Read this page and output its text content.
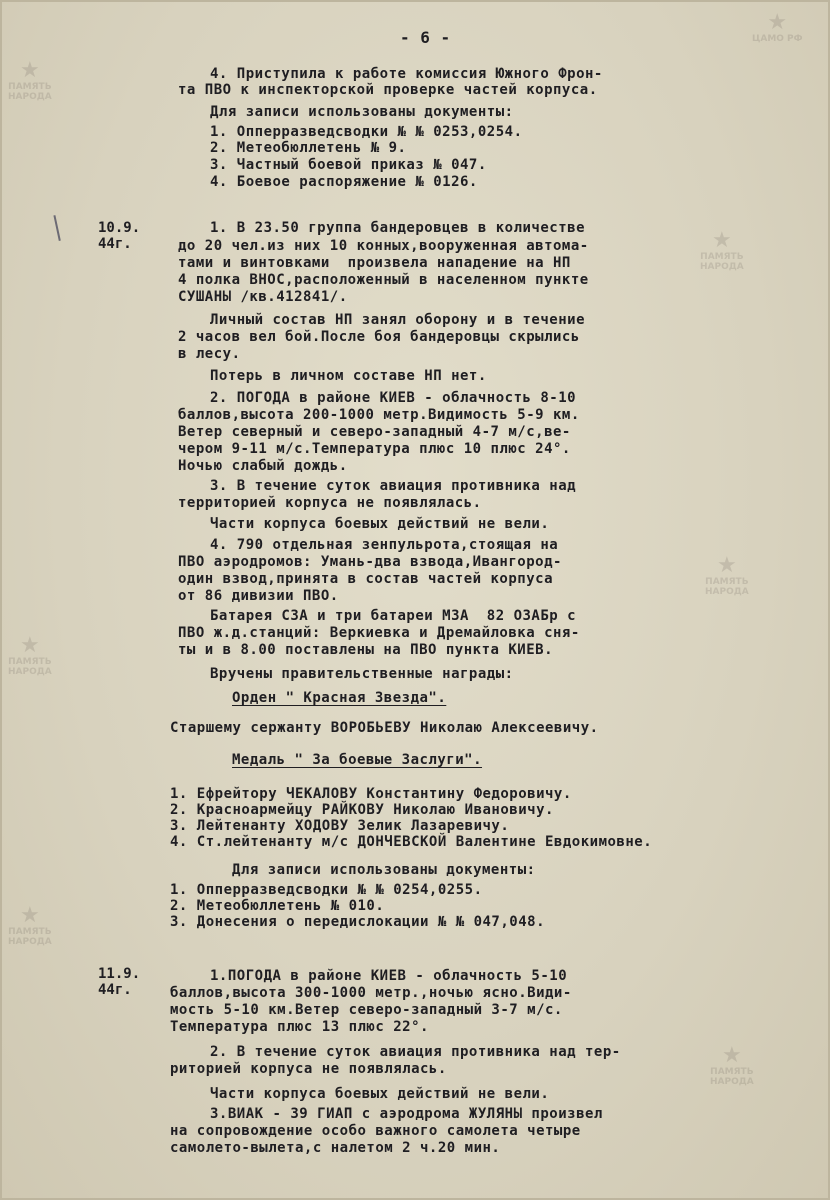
★
ПАМЯТЬ
НАРОДА
★
ПАМЯТЬ
НАРОДА
★
ПАМЯТЬ
НАРОДА
★
ЦАМО РФ
★
ПАМЯТЬ
НАРОДА
★
ПАМЯТЬ
НАРОДА
★
ПАМЯТЬ
НАРОДА
- 6 -
4. Приступила к работе комиссия Южного Фрон-
та ПВО к инспекторской проверке частей корпуса.
Для записи использованы документы:
1. Опперразведсводки № № 0253,0254.
2. Метеобюллетень № 9.
3. Частный боевой приказ № 047.
4. Боевое распоряжение № 0126.
10.9.
44г.
1. В 23.50 группа бандеровцев в количестве
до 20 чел.из них 10 конных,вооруженная автома-
тами и винтовками  произвела нападение на НП
4 полка ВНОС,расположенный в населенном пункте
СУШАНЫ /кв.412841/.
Личный состав НП занял оборону и в течение
2 часов вел бой.После боя бандеровцы скрылись
в лесу.
Потерь в личном составе НП нет.
2. ПОГОДА в районе КИЕВ - облачность 8-10
баллов,высота 200-1000 метр.Видимость 5-9 км.
Ветер северный и северо-западный 4-7 м/с,ве-
чером 9-11 м/с.Температура плюс 10 плюс 24°.
Ночью слабый дождь.
3. В течение суток авиация противника над
территорией корпуса не появлялась.
Части корпуса боевых действий не вели.
4. 790 отдельная зенпульрота,стоящая на
ПВО аэродромов: Умань-два взвода,Ивангород-
один взвод,принята в состав частей корпуса
от 86 дивизии ПВО.
Батарея СЗА и три батареи МЗА  82 ОЗАБр с
ПВО ж.д.станций: Веркиевка и Дремайловка сня-
ты и в 8.00 поставлены на ПВО пункта КИЕВ.
Вручены правительственные награды:
Орден " Красная Звезда".
Старшему сержанту ВОРОБЬЕВУ Николаю Алексеевичу.
Медаль " За боевые Заслуги".
1. Ефрейтору ЧЕКАЛОВУ Константину Федоровичу.
2. Красноармейцу РАЙКОВУ Николаю Ивановичу.
3. Лейтенанту ХОДОВУ Зелик Лазаревичу.
4. Ст.лейтенанту м/с ДОНЧЕВСКОЙ Валентине Евдокимовне.
Для записи использованы документы:
1. Опперразведсводки № № 0254,0255.
2. Метеобюллетень № 010.
3. Донесения о передислокации № № 047,048.
11.9.
44г.
1.ПОГОДА в районе КИЕВ - облачность 5-10
баллов,высота 300-1000 метр.,ночью ясно.Види-
мость 5-10 км.Ветер северо-западный 3-7 м/с.
Температура плюс 13 плюс 22°.
2. В течение суток авиация противника над тер-
риторией корпуса не появлялась.
Части корпуса боевых действий не вели.
3.ВИАК - 39 ГИАП с аэродрома ЖУЛЯНЫ произвел
на сопровождение особо важного самолета четыре
самолето-вылета,с налетом 2 ч.20 мин.
